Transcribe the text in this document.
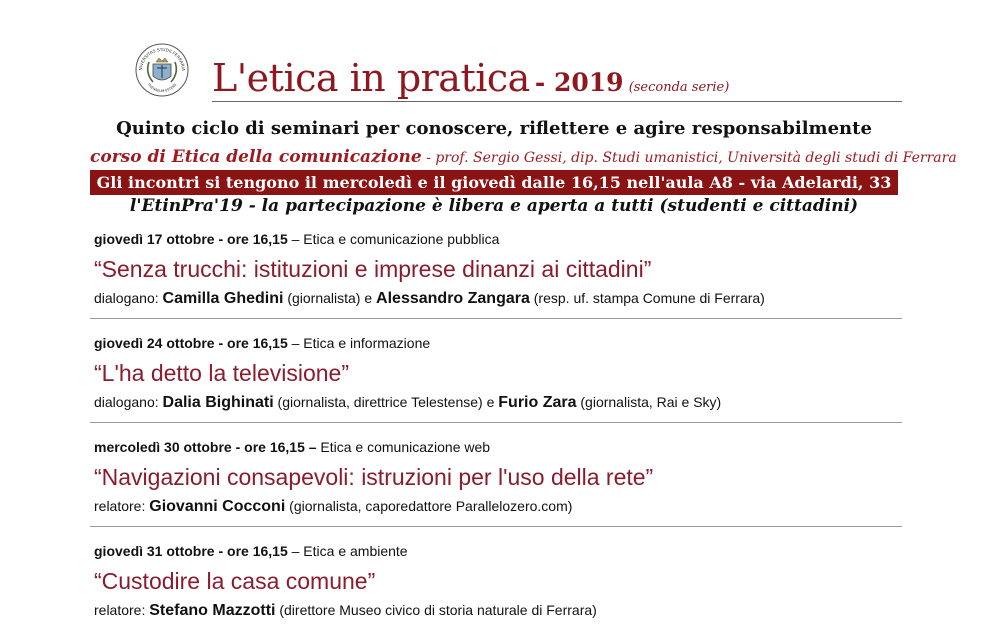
NIVERSITAS STUDII FERRARIA
THENAEUM ESTENS L'etica in pratica - 2019 (seconda serie)
Quinto ciclo di seminari per conoscere, riflettere e agire responsabilmente
corso di Etica della comunicazione - prof. Sergio Gessi, dip. Studi umanistici, Università degli studi di Ferrara
Gli incontri si tengono il mercoledì e il giovedì dalle 16,15 nell'aula A8 - via Adelardi, 33
l'EtinPra'19 - la partecipazione è libera e aperta a tutti (studenti e cittadini)
giovedì 17 ottobre - ore 16,15 – Etica e comunicazione pubblica
“Senza trucchi: istituzioni e imprese dinanzi ai cittadini”
dialogano: Camilla Ghedini (giornalista) e Alessandro Zangara (resp. uf. stampa Comune di Ferrara)
giovedì 24 ottobre - ore 16,15 – Etica e informazione
“L'ha detto la televisione”
dialogano: Dalia Bighinati (giornalista, direttrice Telestense) e Furio Zara (giornalista, Rai e Sky)
mercoledì 30 ottobre - ore 16,15 – Etica e comunicazione web
“Navigazioni consapevoli: istruzioni per l'uso della rete”
relatore: Giovanni Cocconi (giornalista, caporedattore Parallelozero.com)
giovedì 31 ottobre - ore 16,15 – Etica e ambiente
“Custodire la casa comune”
relatore: Stefano Mazzotti (direttore Museo civico di storia naturale di Ferrara)
